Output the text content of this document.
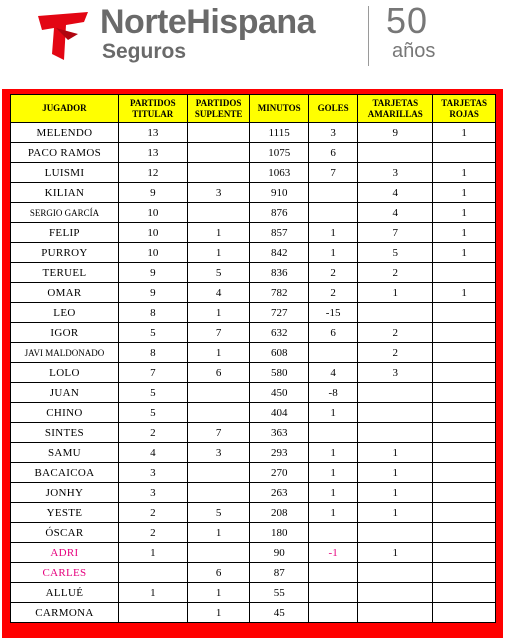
NorteHispana
Seguros
50
años
JUGADOR	PARTIDOS TITULAR	PARTIDOS SUPLENTE	MINUTOS	GOLES	TARJETAS AMARILLAS	TARJETAS ROJAS
MELENDO	13		1115	3	9	1
PACO RAMOS	13		1075	6		
LUISMI	12		1063	7	3	1
KILIAN	9	3	910		4	1
SERGIO GARCÍA	10		876		4	1
FELIP	10	1	857	1	7	1
PURROY	10	1	842	1	5	1
TERUEL	9	5	836	2	2	
OMAR	9	4	782	2	1	1
LEO	8	1	727	-15		
IGOR	5	7	632	6	2	
JAVI MALDONADO	8	1	608		2	
LOLO	7	6	580	4	3	
JUAN	5		450	-8		
CHINO	5		404	1		
SINTES	2	7	363			
SAMU	4	3	293	1	1	
BACAICOA	3		270	1	1	
JONHY	3		263	1	1	
YESTE	2	5	208	1	1	
ÓSCAR	2	1	180			
ADRI	1		90	-1	1	
CARLES		6	87			
ALLUÉ	1	1	55			
CARMONA		1	45			
